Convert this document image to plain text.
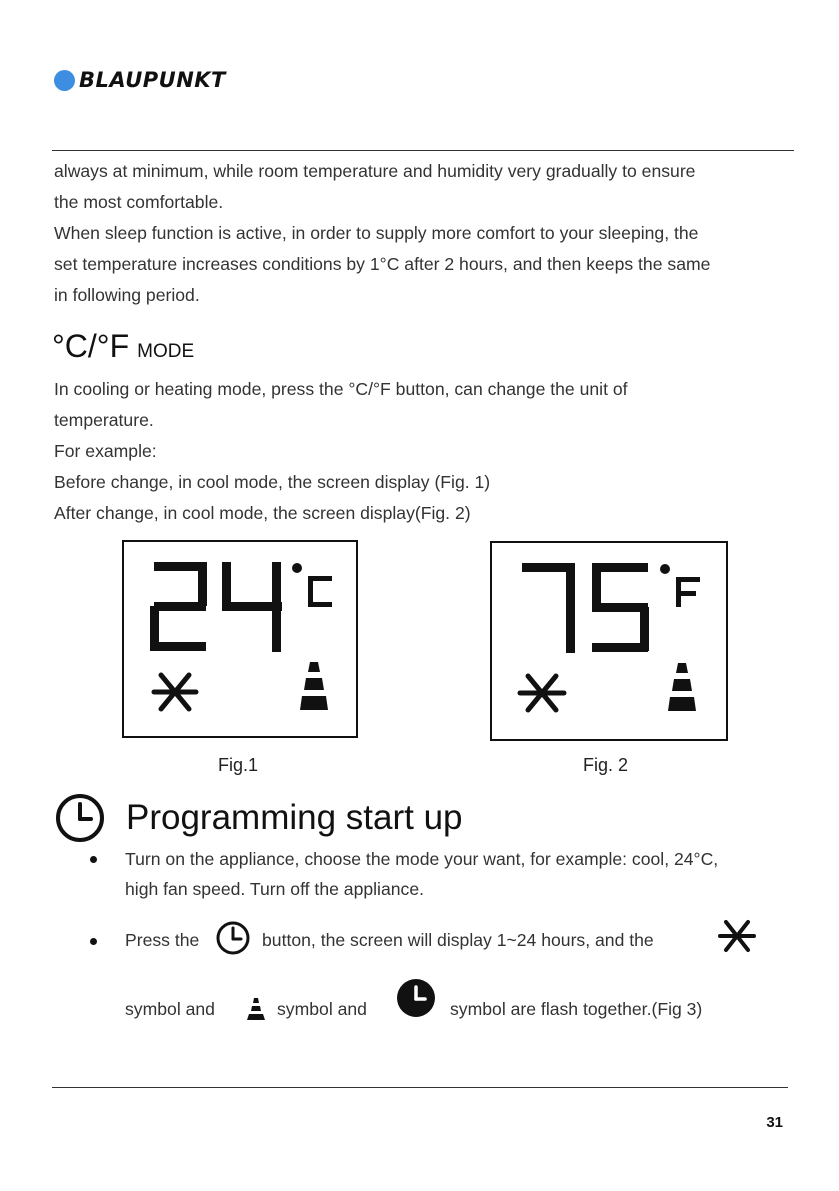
BLAUPUNKT
always at minimum, while room temperature and humidity very gradually to ensure
the most comfortable.
When sleep function is active, in order to supply more comfort to your sleeping, the
set temperature increases conditions by 1°C after 2 hours, and then keeps the same
in following period.
°C/°F MODE
In cooling or heating mode, press the °C/°F button, can change the unit of
temperature.
For example:
Before change, in cool mode, the screen display (Fig. 1)
After change, in cool mode, the screen display(Fig. 2)
Fig.1	Fig. 2
Programming start up
Turn on the appliance, choose the mode your want, for example: cool, 24°C,
high fan speed. Turn off the appliance.
Press the	button, the screen will display 1~24 hours, and the
symbol and	symbol and	symbol are flash together.(Fig 3)
31
